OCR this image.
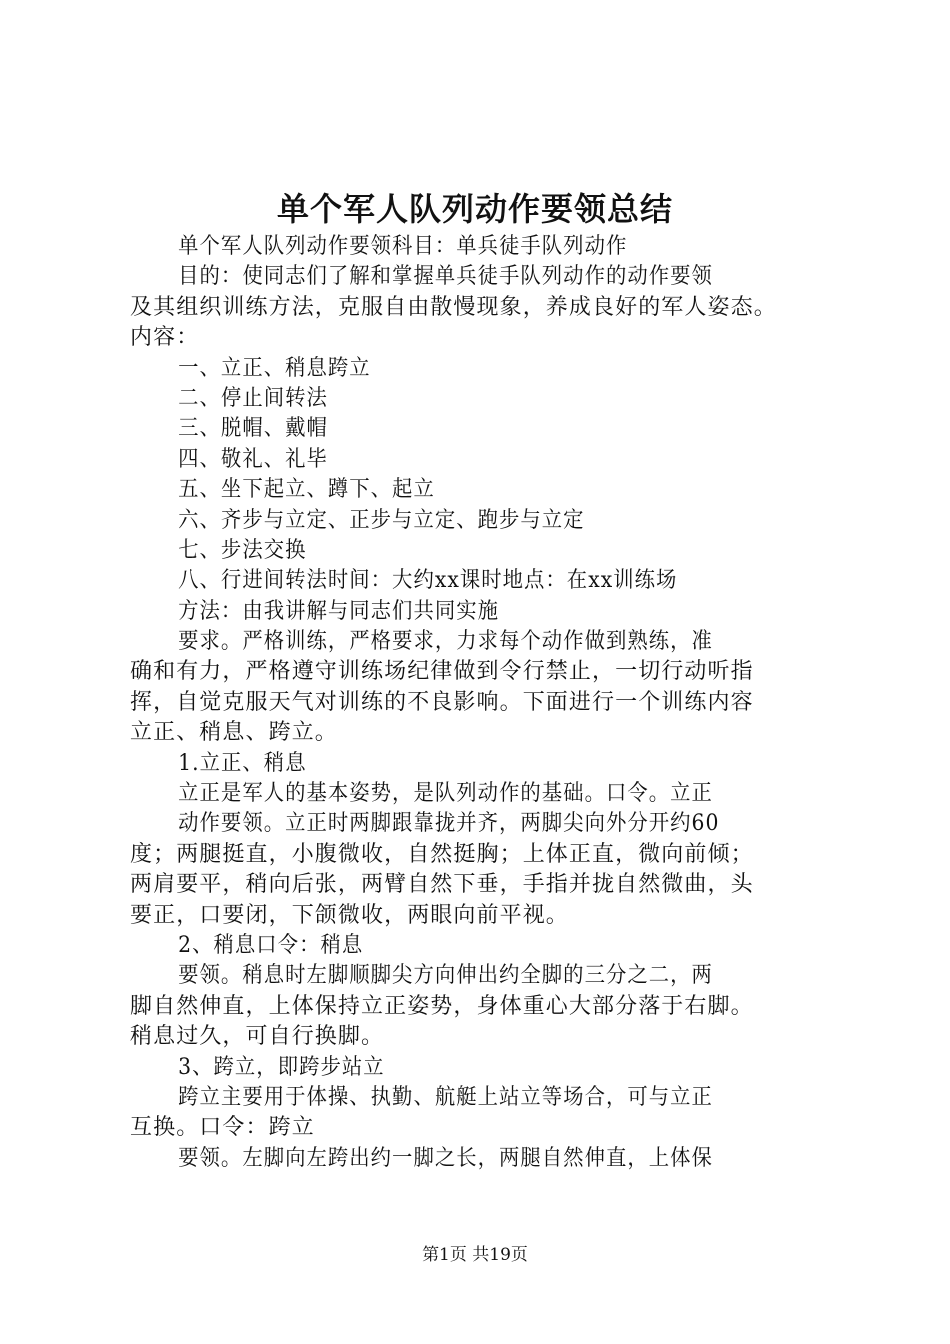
单个军人队列动作要领总结
单个军人队列动作要领科目：单兵徒手队列动作
目的：使同志们了解和掌握单兵徒手队列动作的动作要领
及其组织训练方法，克服自由散慢现象，养成良好的军人姿态。
内容：
一、立正、稍息跨立
二、停止间转法
三、脱帽、戴帽
四、敬礼、礼毕
五、坐下起立、蹲下、起立
六、齐步与立定、正步与立定、跑步与立定
七、步法交换
八、行进间转法时间：大约xx课时地点：在xx训练场
方法：由我讲解与同志们共同实施
要求。严格训练，严格要求，力求每个动作做到熟练，准
确和有力，严格遵守训练场纪律做到令行禁止，一切行动听指
挥，自觉克服天气对训练的不良影响。下面进行一个训练内容
立正、稍息、跨立。
1.立正、稍息
立正是军人的基本姿势，是队列动作的基础。口令。立正
动作要领。立正时两脚跟靠拢并齐，两脚尖向外分开约60
度；两腿挺直，小腹微收，自然挺胸；上体正直，微向前倾；
两肩要平，稍向后张，两臂自然下垂，手指并拢自然微曲，头
要正，口要闭，下颌微收，两眼向前平视。
2、稍息口令：稍息
要领。稍息时左脚顺脚尖方向伸出约全脚的三分之二，两
脚自然伸直，上体保持立正姿势，身体重心大部分落于右脚。
稍息过久，可自行换脚。
3、跨立，即跨步站立
跨立主要用于体操、执勤、航艇上站立等场合，可与立正
互换。口令：跨立
要领。左脚向左跨出约一脚之长，两腿自然伸直，上体保
第1页 共19页
